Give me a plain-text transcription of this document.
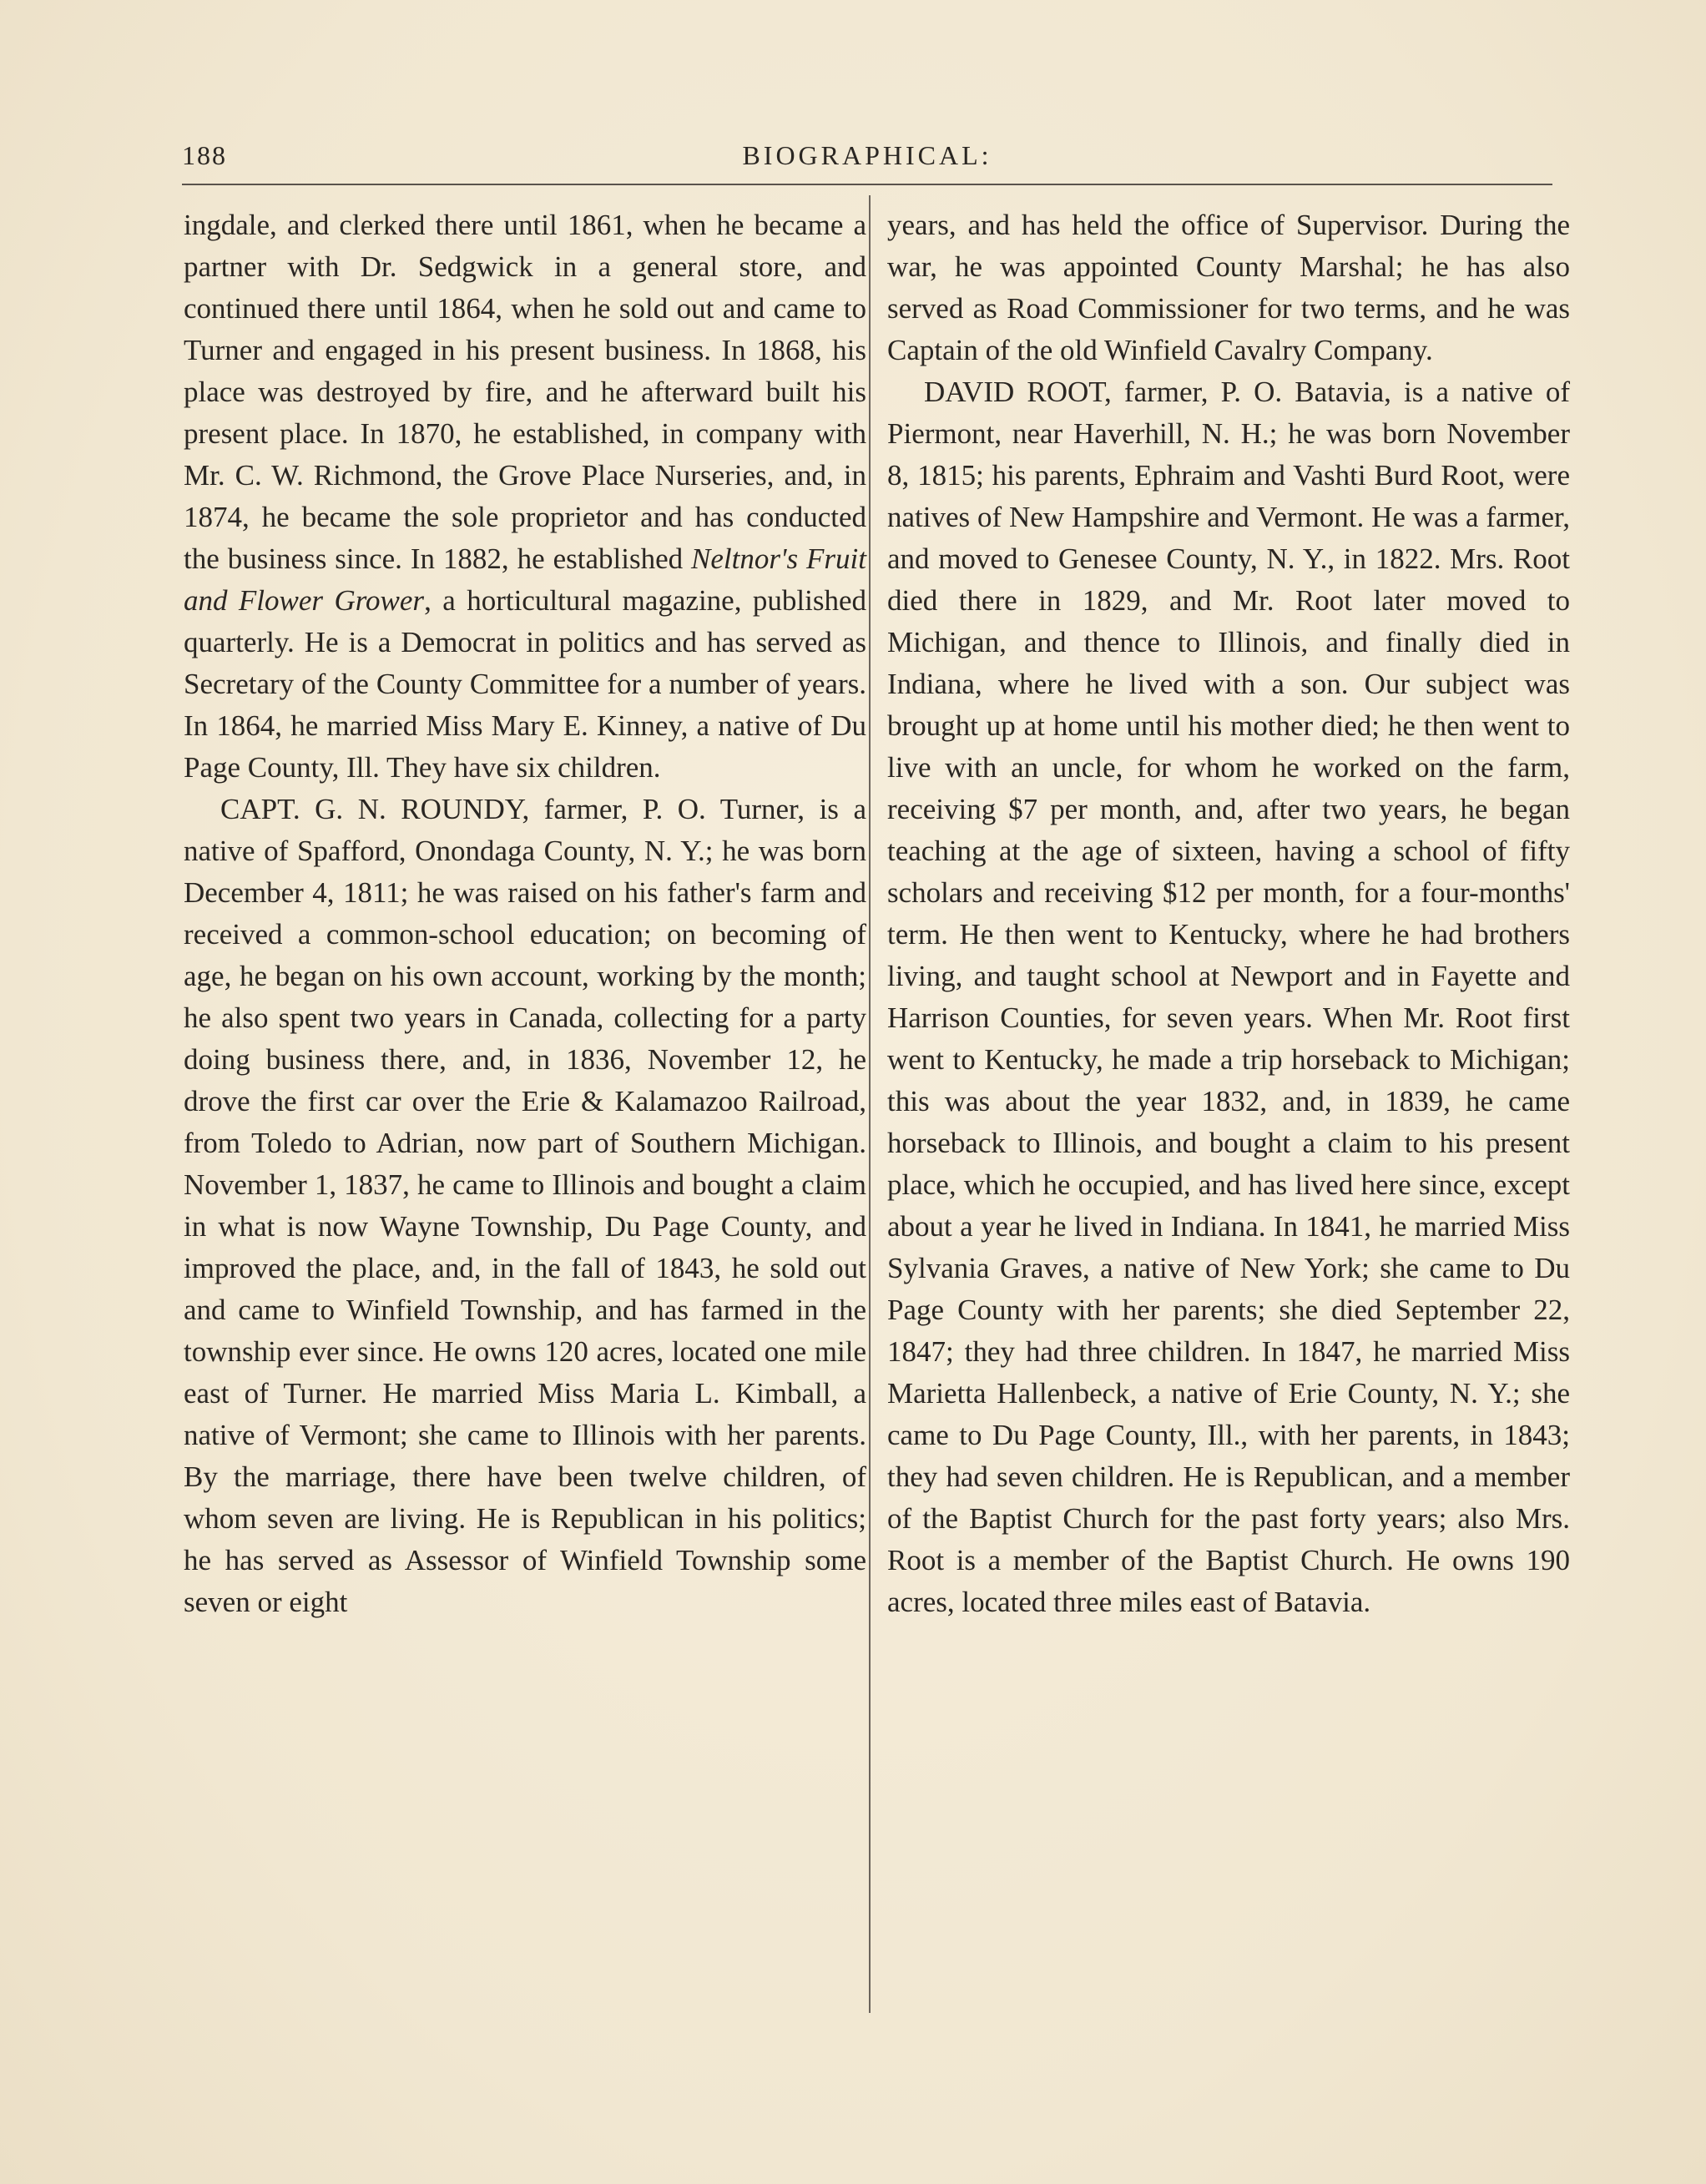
188	BIOGRAPHICAL:

ingdale, and clerked there until 1861, when he became a partner with Dr. Sedgwick in a general store, and continued there until 1864, when he sold out and came to Turner and engaged in his present business. In 1868, his place was destroyed by fire, and he afterward built his present place. In 1870, he established, in company with Mr. C. W. Richmond, the Grove Place Nurseries, and, in 1874, he became the sole proprietor and has conducted the business since. In 1882, he established Neltnor's Fruit and Flower Grower, a horticultural magazine, published quarterly. He is a Democrat in politics and has served as Secretary of the County Committee for a number of years. In 1864, he married Miss Mary E. Kinney, a native of Du Page County, Ill. They have six children.

CAPT. G. N. ROUNDY, farmer, P. O. Turner, is a native of Spafford, Onondaga County, N. Y.; he was born December 4, 1811; he was raised on his father's farm and received a common-school education; on becoming of age, he began on his own account, working by the month; he also spent two years in Canada, collecting for a party doing business there, and, in 1836, November 12, he drove the first car over the Erie & Kalamazoo Railroad, from Toledo to Adrian, now part of Southern Michigan. November 1, 1837, he came to Illinois and bought a claim in what is now Wayne Township, Du Page County, and improved the place, and, in the fall of 1843, he sold out and came to Winfield Township, and has farmed in the township ever since. He owns 120 acres, located one mile east of Turner. He married Miss Maria L. Kimball, a native of Vermont; she came to Illinois with her parents. By the marriage, there have been twelve children, of whom seven are living. He is Republican in his politics; he has served as Assessor of Winfield Township some seven or eight

years, and has held the office of Supervisor. During the war, he was appointed County Marshal; he has also served as Road Commissioner for two terms, and he was Captain of the old Winfield Cavalry Company.

DAVID ROOT, farmer, P. O. Batavia, is a native of Piermont, near Haverhill, N. H.; he was born November 8, 1815; his parents, Ephraim and Vashti Burd Root, were natives of New Hampshire and Vermont. He was a farmer, and moved to Genesee County, N. Y., in 1822. Mrs. Root died there in 1829, and Mr. Root later moved to Michigan, and thence to Illinois, and finally died in Indiana, where he lived with a son. Our subject was brought up at home until his mother died; he then went to live with an uncle, for whom he worked on the farm, receiving $7 per month, and, after two years, he began teaching at the age of sixteen, having a school of fifty scholars and receiving $12 per month, for a four-months' term. He then went to Kentucky, where he had brothers living, and taught school at Newport and in Fayette and Harrison Counties, for seven years. When Mr. Root first went to Kentucky, he made a trip horseback to Michigan; this was about the year 1832, and, in 1839, he came horseback to Illinois, and bought a claim to his present place, which he occupied, and has lived here since, except about a year he lived in Indiana. In 1841, he married Miss Sylvania Graves, a native of New York; she came to Du Page County with her parents; she died September 22, 1847; they had three children. In 1847, he married Miss Marietta Hallenbeck, a native of Erie County, N. Y.; she came to Du Page County, Ill., with her parents, in 1843; they had seven children. He is Republican, and a member of the Baptist Church for the past forty years; also Mrs. Root is a member of the Baptist Church. He owns 190 acres, located three miles east of Batavia.
